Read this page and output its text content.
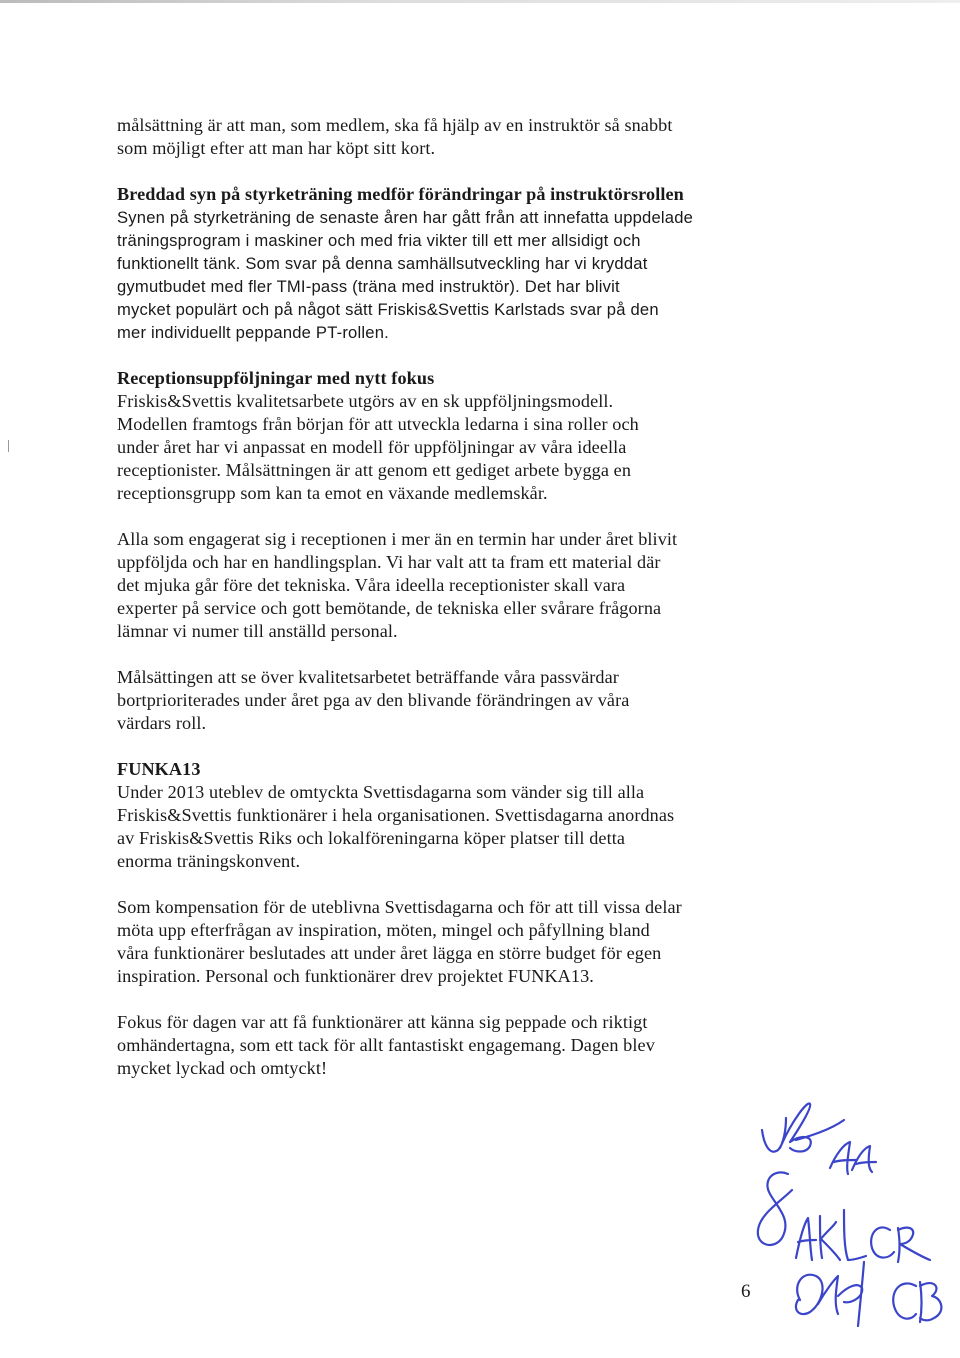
målsättning är att man, som medlem, ska få hjälp av en instruktör så snabbt
som möjligt efter att man har köpt sitt kort.

Breddad syn på styrketräning medför förändringar på instruktörsrollen
Synen på styrketräning de senaste åren har gått från att innefatta uppdelade
träningsprogram i maskiner och med fria vikter till ett mer allsidigt och
funktionellt tänk. Som svar på denna samhällsutveckling har vi kryddat
gymutbudet med fler TMI-pass (träna med instruktör). Det har blivit
mycket populärt och på något sätt Friskis&Svettis Karlstads svar på den
mer individuellt peppande PT-rollen.

Receptionsuppföljningar med nytt fokus
Friskis&Svettis kvalitetsarbete utgörs av en sk uppföljningsmodell.
Modellen framtogs från början för att utveckla ledarna i sina roller och
under året har vi anpassat en modell för uppföljningar av våra ideella
receptionister. Målsättningen är att genom ett gediget arbete bygga en
receptionsgrupp som kan ta emot en växande medlemskår.

Alla som engagerat sig i receptionen i mer än en termin har under året blivit
uppföljda och har en handlingsplan. Vi har valt att ta fram ett material där
det mjuka går före det tekniska. Våra ideella receptionister skall vara
experter på service och gott bemötande, de tekniska eller svårare frågorna
lämnar vi numer till anställd personal.

Målsättingen att se över kvalitetsarbetet beträffande våra passvärdar
bortprioriterades under året pga av den blivande förändringen av våra
värdars roll.

FUNKA13
Under 2013 uteblev de omtyckta Svettisdagarna som vänder sig till alla
Friskis&Svettis funktionärer i hela organisationen. Svettisdagarna anordnas
av Friskis&Svettis Riks och lokalföreningarna köper platser till detta
enorma träningskonvent.

Som kompensation för de uteblivna Svettisdagarna och för att till vissa delar
möta upp efterfrågan av inspiration, möten, mingel och påfyllning bland
våra funktionärer beslutades att under året lägga en större budget för egen
inspiration. Personal och funktionärer drev projektet FUNKA13.

Fokus för dagen var att få funktionärer att känna sig peppade och riktigt
omhändertagna, som ett tack för allt fantastiskt engagemang. Dagen blev
mycket lyckad och omtyckt!

6
